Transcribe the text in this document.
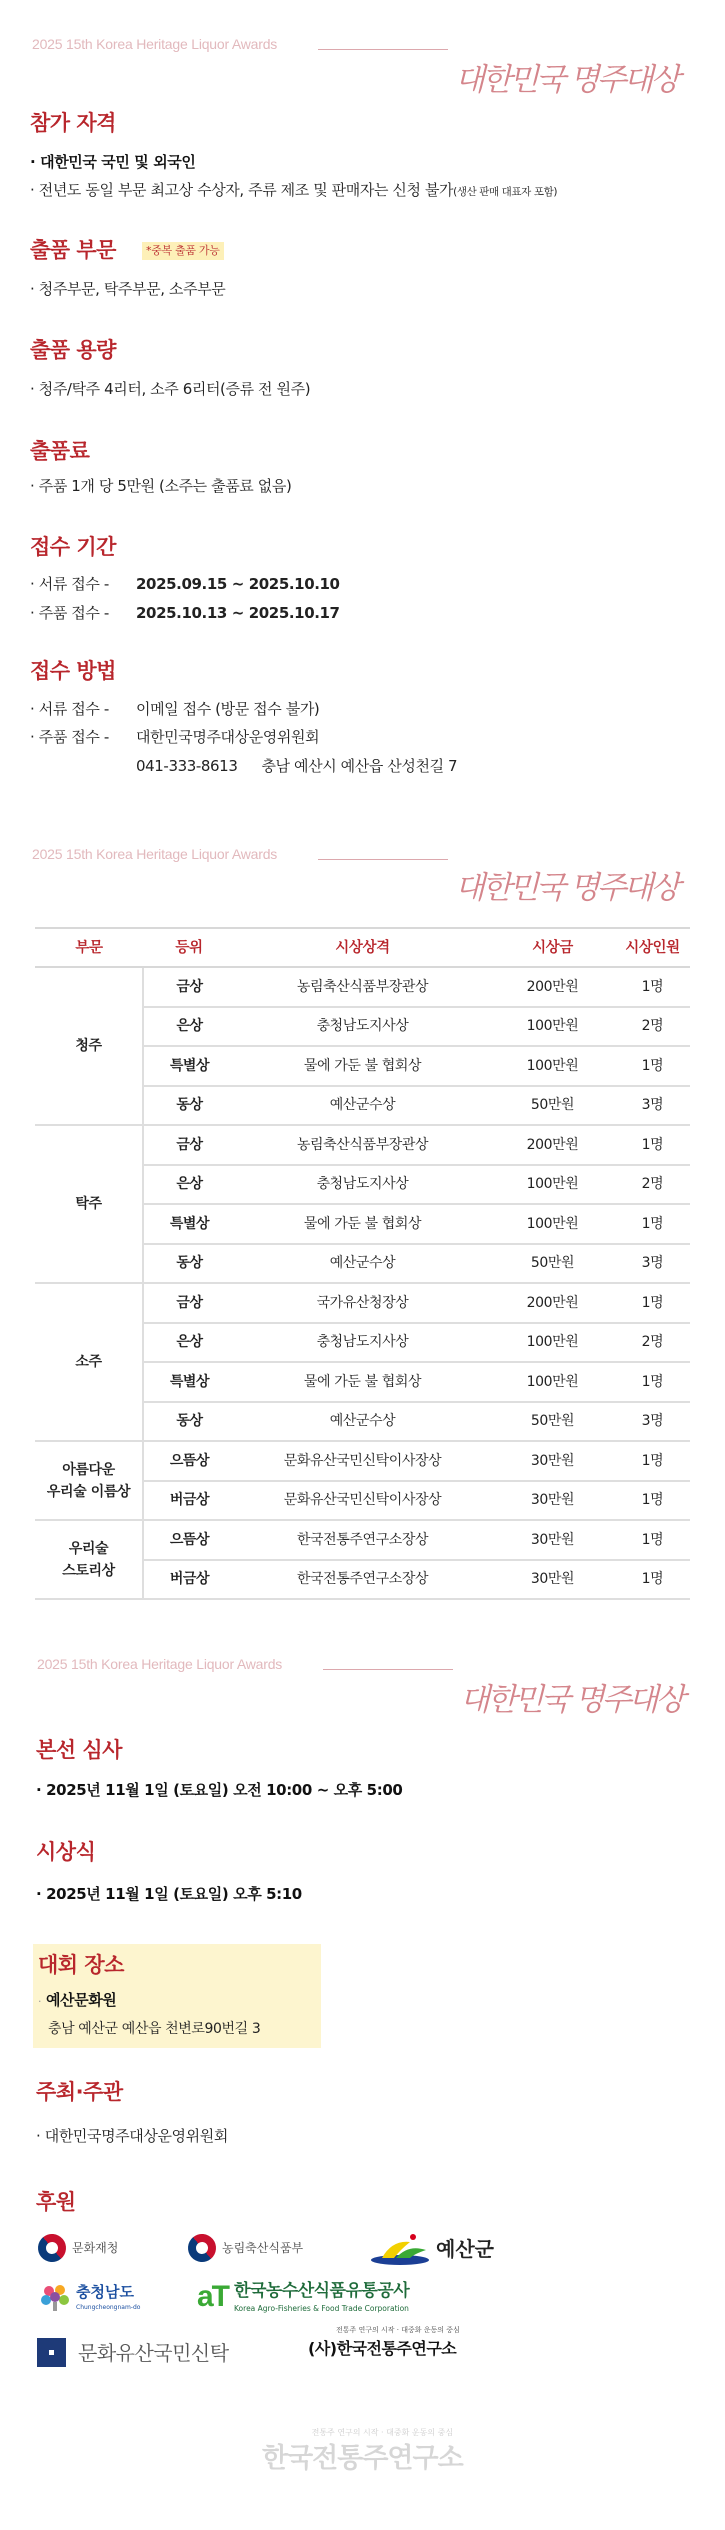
2025 15th Korea Heritage Liquor Awards
대한민국 명주대상
참가 자격
· 대한민국 국민 및 외국인
· 전년도 동일 부문 최고상 수상자, 주류 제조 및 판매자는 신청 불가(생산 판매 대표자 포함)
출품 부문	*중복 출품 가능
· 청주부문, 탁주부문, 소주부문
출품 용량
· 청주/탁주 4리터, 소주 6리터(증류 전 원주)
출품료
· 주품 1개 당 5만원 (소주는 출품료 없음)
접수 기간
· 서류 접수 - 2025.09.15 ~ 2025.10.10
· 주품 접수 - 2025.10.13 ~ 2025.10.17
접수 방법
· 서류 접수 - 이메일 접수 (방문 접수 불가)
· 주품 접수 - 대한민국명주대상운영위원회
041-333-8613 충남 예산시 예산읍 산성천길 7
2025 15th Korea Heritage Liquor Awards
대한민국 명주대상
부문	등위	시상상격	시상금	시상인원
청주	금상	농림축산식품부장관상	200만원	1명
	은상	충청남도지사상	100만원	2명
	특별상	물에 가둔 불 협회상	100만원	1명
	동상	예산군수상	50만원	3명
탁주	금상	농림축산식품부장관상	200만원	1명
	은상	충청남도지사상	100만원	2명
	특별상	물에 가둔 불 협회상	100만원	1명
	동상	예산군수상	50만원	3명
소주	금상	국가유산청장상	200만원	1명
	은상	충청남도지사상	100만원	2명
	특별상	물에 가둔 불 협회상	100만원	1명
	동상	예산군수상	50만원	3명
아름다운
우리술 이름상	으뜸상	문화유산국민신탁이사장상	30만원	1명
	버금상	문화유산국민신탁이사장상	30만원	1명
우리술
스토리상	으뜸상	한국전통주연구소장상	30만원	1명
	버금상	한국전통주연구소장상	30만원	1명
2025 15th Korea Heritage Liquor Awards
대한민국 명주대상
본선 심사
· 2025년 11월 1일 (토요일) 오전 10:00 ~ 오후 5:00
시상식
· 2025년 11월 1일 (토요일) 오후 5:10
대회 장소
· 예산문화원
충남 예산군 예산읍 천변로90번길 3
주최·주관
· 대한민국명주대상운영위원회
후원
문화재청	농림축산식품부	예산군
충청남도
Chungcheongnam-do aT 한국농수산식품유통공사
Korea Agro-Fisheries & Food Trade Corporation
문화유산국민신탁
전통주 연구의 시작 · 대중화 운동의 중심
(사)한국전통주연구소
전통주 연구의 시작 · 대중화 운동의 중심
한국전통주연구소
